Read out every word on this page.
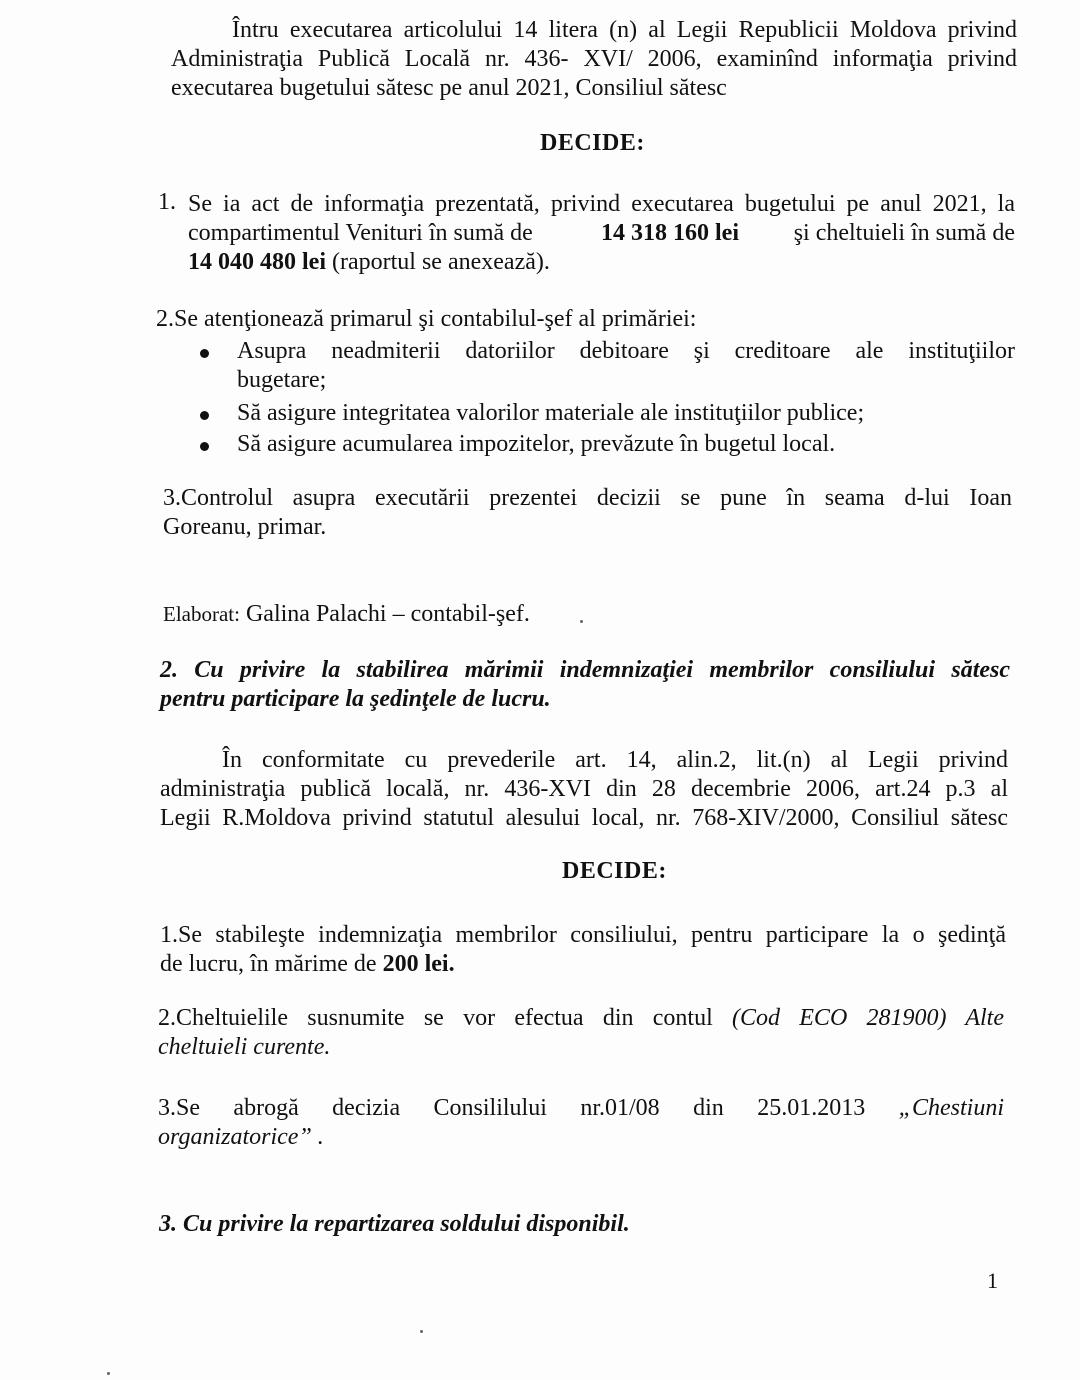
Întru executarea articolului 14 litera (n) al Legii Republicii Moldova privind
Administraţia Publică Locală nr. 436- XVI/ 2006, examinînd informaţia privind
executarea bugetului sătesc pe anul 2021, Consiliul sătesc
DECIDE:
1. Se ia act de informaţia prezentată, privind executarea bugetului pe anul 2021, la
compartimentul Venituri în sumă de	14 318 160 lei şi cheltuieli în sumă de
14 040 480 lei (raportul se anexează).
2.Se atenţionează primarul şi contabilul-şef al primăriei:
Asupra neadmiterii datoriilor debitoare şi creditoare ale instituţiilor
bugetare;
Să asigure integritatea valorilor materiale ale instituţiilor publice;
Să asigure acumularea impozitelor, prevăzute în bugetul local.
3.Controlul asupra executării prezentei decizii se pune în seama d-lui Ioan
Goreanu, primar.
Elaborat: Galina Palachi – contabil-şef.
2. Cu privire la stabilirea mărimii indemnizaţiei membrilor consiliului sătesc
pentru participare la şedinţele de lucru.
În conformitate cu prevederile art. 14, alin.2, lit.(n) al Legii privind
administraţia publică locală, nr. 436-XVI din 28 decembrie 2006, art.24 p.3 al
Legii R.Moldova privind statutul alesului local, nr. 768-XIV/2000, Consiliul sătesc
DECIDE:
1.Se stabileşte indemnizaţia membrilor consiliului, pentru participare la o şedinţă
de lucru, în mărime de 200 lei.
2.Cheltuielile susnumite se vor efectua din contul (Cod ECO 281900) Alte
cheltuieli curente.
3.Se abrogă decizia Consililului nr.01/08 din 25.01.2013 „Chestiuni
organizatorice” .
3. Cu privire la repartizarea soldului disponibil.
1
